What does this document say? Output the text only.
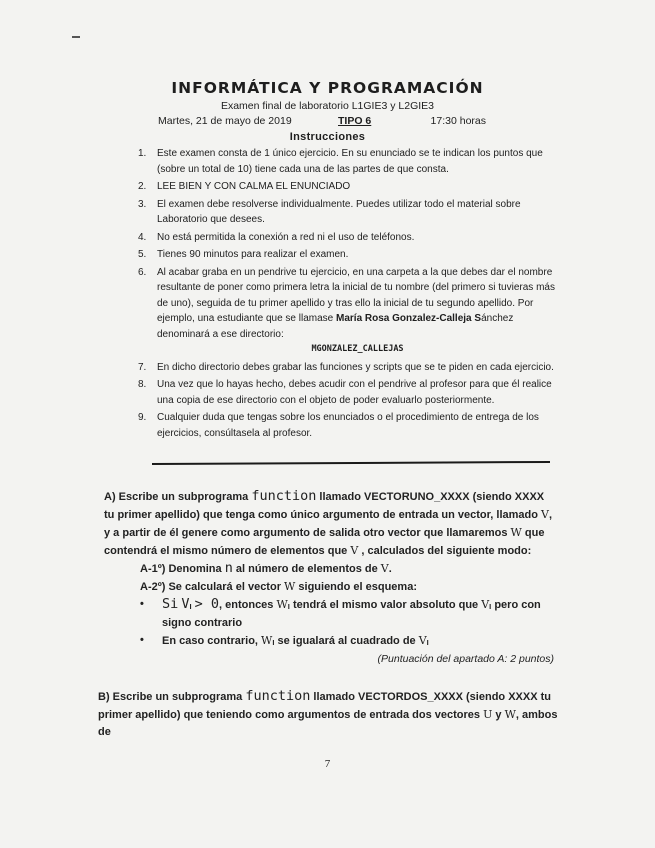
INFORMÁTICA Y PROGRAMACIÓN
Examen final de laboratorio L1GIE3 y L2GIE3
Martes, 21 de mayo de 2019	TIPO 6	17:30 horas
Instrucciones
1.	Este examen consta de 1 único ejercicio. En su enunciado se te indican los puntos que (sobre un total de 10) tiene cada una de las partes de que consta.
2.	LEE BIEN Y CON CALMA EL ENUNCIADO
3.	El examen debe resolverse individualmente. Puedes utilizar todo el material sobre Laboratorio que desees.
4.	No está permitida la conexión a red ni el uso de teléfonos.
5.	Tienes 90 minutos para realizar el examen.
6.	Al acabar graba en un pendrive tu ejercicio, en una carpeta a la que debes dar el nombre resultante de poner como primera letra la inicial de tu nombre (del primero si tuvieras más de uno), seguida de tu primer apellido y tras ello la inicial de tu segundo apellido. Por ejemplo, una estudiante que se llamase María Rosa Gonzalez-Calleja Sánchez denominará a ese directorio:
MGONZALEZ_CALLEJAS
7.	En dicho directorio debes grabar las funciones y scripts que se te piden en cada ejercicio.
8.	Una vez que lo hayas hecho, debes acudir con el pendrive al profesor para que él realice una copia de ese directorio con el objeto de poder evaluarlo posteriormente.
9.	Cualquier duda que tengas sobre los enunciados o el procedimiento de entrega de los ejercicios, consúltasela al profesor.
A) Escribe un subprograma function llamado VECTORUNO_XXXX (siendo XXXX tu primer apellido) que tenga como único argumento de entrada un vector, llamado V, y a partir de él genere como argumento de salida otro vector que llamaremos W que contendrá el mismo número de elementos que V , calculados del siguiente modo:
A-1º) Denomina n al número de elementos de V.
A-2º) Se calculará el vector W siguiendo el esquema:
•	Si VI > 0, entonces WI tendrá el mismo valor absoluto que VI pero con
signo contrario
•	En caso contrario, WI se igualará al cuadrado de VI
(Puntuación del apartado A: 2 puntos)
B) Escribe un subprograma function llamado VECTORDOS_XXXX (siendo XXXX tu primer apellido) que teniendo como argumentos de entrada dos vectores U y W, ambos de
7
